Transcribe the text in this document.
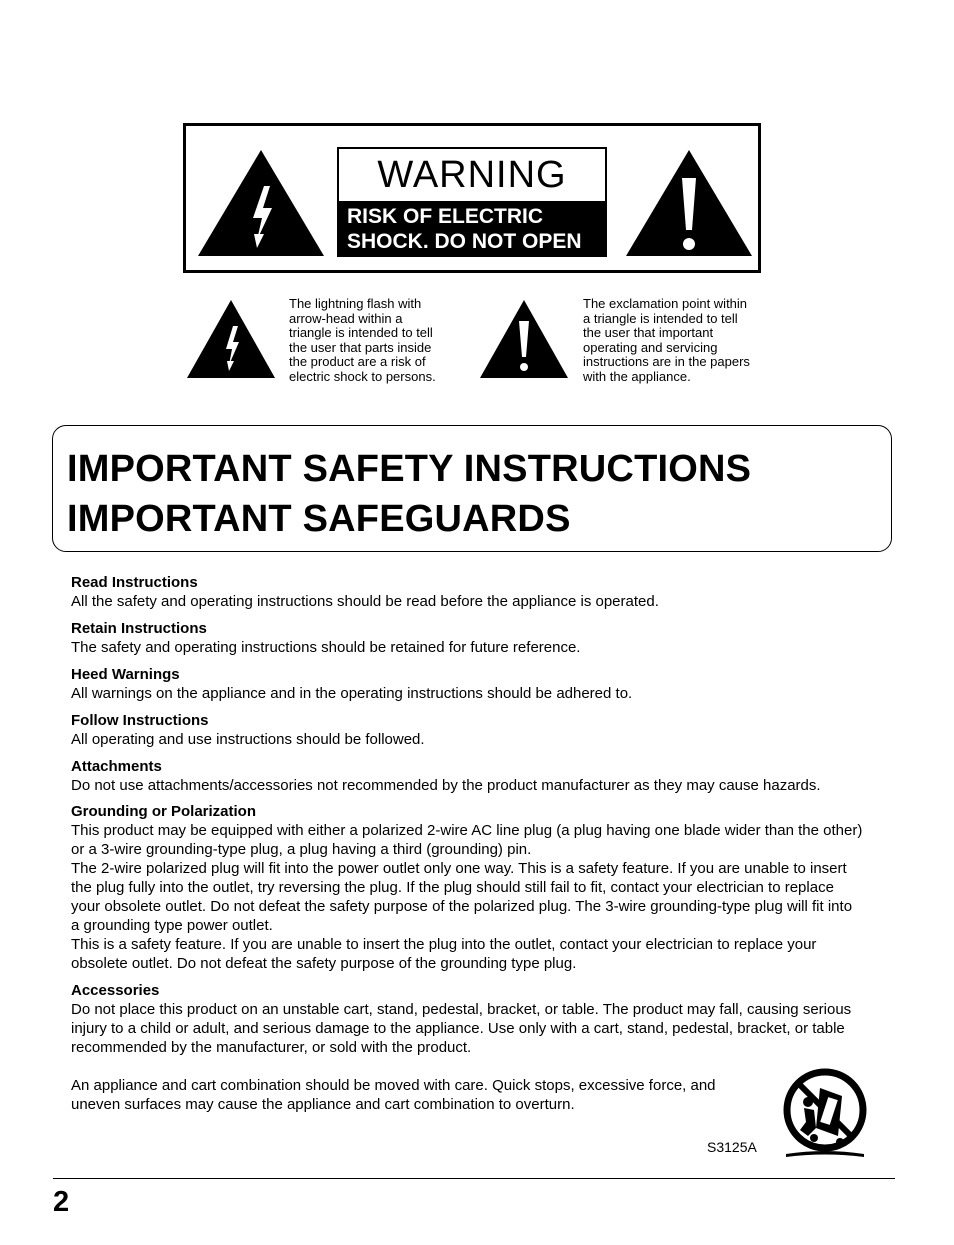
WARNING
RISK OF ELECTRIC
SHOCK. DO NOT OPEN
The lightning flash with
arrow-head within a
triangle is intended to tell
the user that parts inside
the product are a risk of
electric shock to persons.
The exclamation point within
a triangle is intended to tell
the user that important
operating and servicing
instructions are in the papers
with the appliance.
IMPORTANT SAFETY INSTRUCTIONS
IMPORTANT SAFEGUARDS
Read Instructions
All the safety and operating instructions should be read before the appliance is operated.
Retain Instructions
The safety and operating instructions should be retained for future reference.
Heed Warnings
All warnings on the appliance and in the operating instructions should be adhered to.
Follow Instructions
All operating and use instructions should be followed.
Attachments
Do not use attachments/accessories not recommended by the product manufacturer as they may cause hazards.
Grounding or Polarization
This product may be equipped with either a polarized 2-wire AC line plug (a plug having one blade wider than the other)
or a 3-wire grounding-type plug, a plug having a third (grounding) pin.
The 2-wire polarized plug will fit into the power outlet only one way. This is a safety feature. If you are unable to insert
the plug fully into the outlet, try reversing the plug. If the plug should still fail to fit, contact your electrician to replace
your obsolete outlet. Do not defeat the safety purpose of the polarized plug. The 3-wire grounding-type plug will fit into
a grounding type power outlet.
This is a safety feature. If you are unable to insert the plug into the outlet, contact your electrician to replace your
obsolete outlet. Do not defeat the safety purpose of the grounding type plug.
Accessories
Do not place this product on an unstable cart, stand, pedestal, bracket, or table. The product may fall, causing serious
injury to a child or adult, and serious damage to the appliance. Use only with a cart, stand, pedestal, bracket, or table
recommended by the manufacturer, or sold with the product.
An appliance and cart combination should be moved with care. Quick stops, excessive force, and
uneven surfaces may cause the appliance and cart combination to overturn.
S3125A
2
